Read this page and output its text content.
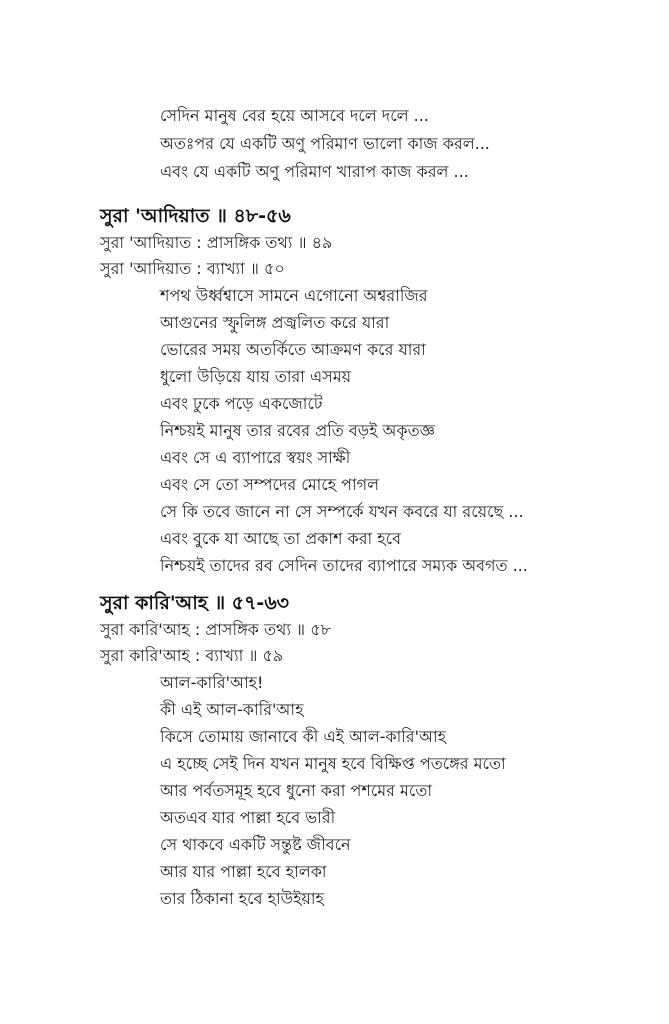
সেদিন মানুষ বের হয়ে আসবে দলে দলে ...
অতঃপর যে একটি অণু পরিমাণ ভালো কাজ করল...
এবং যে একটি অণু পরিমাণ খারাপ কাজ করল ...
সুরা 'আদিয়াত ॥ ৪৮-৫৬
সুরা 'আদিয়াত : প্রাসঙ্গিক তথ্য ॥ ৪৯
সুরা 'আদিয়াত : ব্যাখ্যা ॥ ৫০
শপথ উর্ধ্বশ্বাসে সামনে এগোনো অশ্বরাজির
আগুনের স্ফুলিঙ্গ প্রজ্বলিত করে যারা
ভোরের সময় অতর্কিতে আক্রমণ করে যারা
ধুলো উড়িয়ে যায় তারা এসময়
এবং ঢুকে পড়ে একজোটে
নিশ্চয়ই মানুষ তার রবের প্রতি বড়ই অকৃতজ্ঞ
এবং সে এ ব্যাপারে স্বয়ং সাক্ষী
এবং সে তো সম্পদের মোহে পাগল
সে কি তবে জানে না সে সম্পর্কে যখন কবরে যা রয়েছে ...
এবং বুকে যা আছে তা প্রকাশ করা হবে
নিশ্চয়ই তাদের রব সেদিন তাদের ব্যাপারে সম্যক অবগত ...
সুরা কারি'আহ ॥ ৫৭-৬৩
সুরা কারি'আহ : প্রাসঙ্গিক তথ্য ॥ ৫৮
সুরা কারি'আহ : ব্যাখ্যা ॥ ৫৯
আল-কারি'আহ!
কী এই আল-কারি'আহ
কিসে তোমায় জানাবে কী এই আল-কারি'আহ
এ হচ্ছে সেই দিন যখন মানুষ হবে বিক্ষিপ্ত পতঙ্গের মতো
আর পর্বতসমূহ হবে ধুনো করা পশমের মতো
অতএব যার পাল্লা হবে ভারী
সে থাকবে একটি সন্তুষ্ট জীবনে
আর যার পাল্লা হবে হালকা
তার ঠিকানা হবে হাউইয়াহ
